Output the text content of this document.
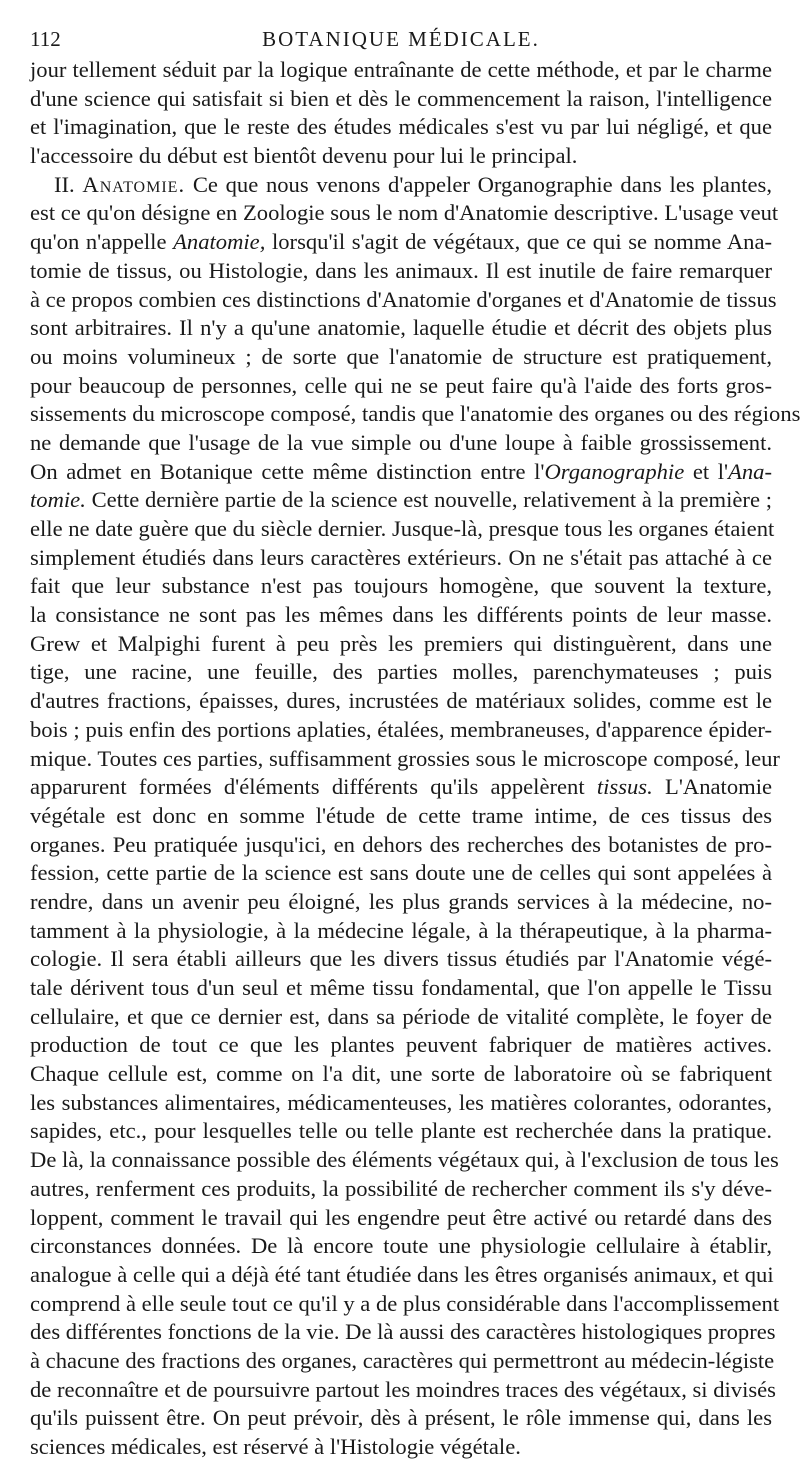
112	BOTANIQUE MÉDICALE.
jour tellement séduit par la logique entraînante de cette méthode, et par le charme
d'une science qui satisfait si bien et dès le commencement la raison, l'intelligence
et l'imagination, que le reste des études médicales s'est vu par lui négligé, et que
l'accessoire du début est bientôt devenu pour lui le principal.
II. Anatomie. Ce que nous venons d'appeler Organographie dans les plantes,
est ce qu'on désigne en Zoologie sous le nom d'Anatomie descriptive. L'usage veut
qu'on n'appelle Anatomie, lorsqu'il s'agit de végétaux, que ce qui se nomme Ana-
tomie de tissus, ou Histologie, dans les animaux. Il est inutile de faire remarquer
à ce propos combien ces distinctions d'Anatomie d'organes et d'Anatomie de tissus
sont arbitraires. Il n'y a qu'une anatomie, laquelle étudie et décrit des objets plus
ou moins volumineux ; de sorte que l'anatomie de structure est pratiquement,
pour beaucoup de personnes, celle qui ne se peut faire qu'à l'aide des forts gros-
sissements du microscope composé, tandis que l'anatomie des organes ou des régions
ne demande que l'usage de la vue simple ou d'une loupe à faible grossissement.
On admet en Botanique cette même distinction entre l'Organographie et l'Ana-
tomie. Cette dernière partie de la science est nouvelle, relativement à la première ;
elle ne date guère que du siècle dernier. Jusque-là, presque tous les organes étaient
simplement étudiés dans leurs caractères extérieurs. On ne s'était pas attaché à ce
fait que leur substance n'est pas toujours homogène, que souvent la texture,
la consistance ne sont pas les mêmes dans les différents points de leur masse.
Grew et Malpighi furent à peu près les premiers qui distinguèrent, dans une
tige, une racine, une feuille, des parties molles, parenchymateuses ; puis
d'autres fractions, épaisses, dures, incrustées de matériaux solides, comme est le
bois ; puis enfin des portions aplaties, étalées, membraneuses, d'apparence épider-
mique. Toutes ces parties, suffisamment grossies sous le microscope composé, leur
apparurent formées d'éléments différents qu'ils appelèrent tissus. L'Anatomie
végétale est donc en somme l'étude de cette trame intime, de ces tissus des
organes. Peu pratiquée jusqu'ici, en dehors des recherches des botanistes de pro-
fession, cette partie de la science est sans doute une de celles qui sont appelées à
rendre, dans un avenir peu éloigné, les plus grands services à la médecine, no-
tamment à la physiologie, à la médecine légale, à la thérapeutique, à la pharma-
cologie. Il sera établi ailleurs que les divers tissus étudiés par l'Anatomie végé-
tale dérivent tous d'un seul et même tissu fondamental, que l'on appelle le Tissu
cellulaire, et que ce dernier est, dans sa période de vitalité complète, le foyer de
production de tout ce que les plantes peuvent fabriquer de matières actives.
Chaque cellule est, comme on l'a dit, une sorte de laboratoire où se fabriquent
les substances alimentaires, médicamenteuses, les matières colorantes, odorantes,
sapides, etc., pour lesquelles telle ou telle plante est recherchée dans la pratique.
De là, la connaissance possible des éléments végétaux qui, à l'exclusion de tous les
autres, renferment ces produits, la possibilité de rechercher comment ils s'y déve-
loppent, comment le travail qui les engendre peut être activé ou retardé dans des
circonstances données. De là encore toute une physiologie cellulaire à établir,
analogue à celle qui a déjà été tant étudiée dans les êtres organisés animaux, et qui
comprend à elle seule tout ce qu'il y a de plus considérable dans l'accomplissement
des différentes fonctions de la vie. De là aussi des caractères histologiques propres
à chacune des fractions des organes, caractères qui permettront au médecin-légiste
de reconnaître et de poursuivre partout les moindres traces des végétaux, si divisés
qu'ils puissent être. On peut prévoir, dès à présent, le rôle immense qui, dans les
sciences médicales, est réservé à l'Histologie végétale.
